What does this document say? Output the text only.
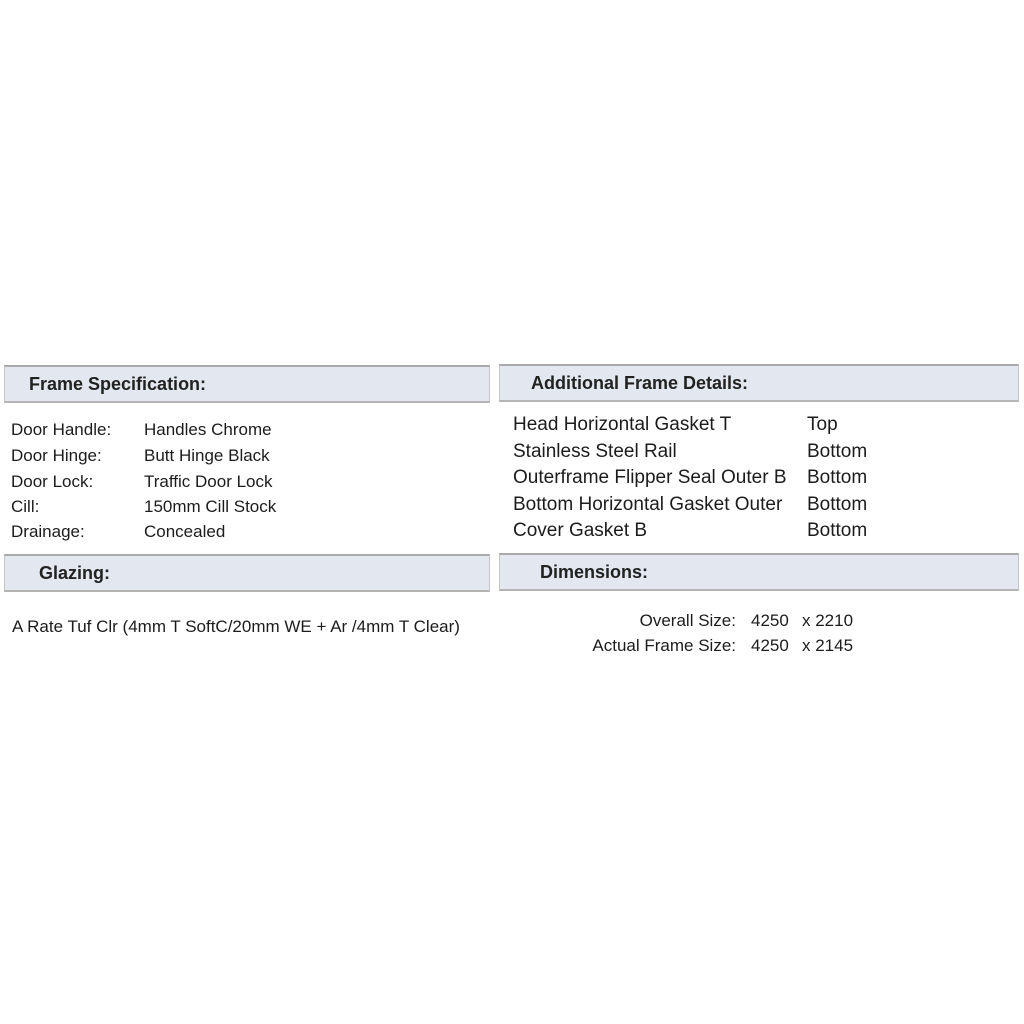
Frame Specification:	Additional Frame Details:
Door Handle: Handles Chrome
Door Hinge: Butt Hinge Black
Door Lock:	Traffic Door Lock
Cill:	150mm Cill Stock
Drainage:	Concealed
Head Horizontal Gasket T	Top
Stainless Steel Rail	Bottom
Outerframe Flipper Seal Outer B	Bottom
Bottom Horizontal Gasket Outer	Bottom
Cover Gasket B	Bottom
Glazing:	Dimensions:
A Rate Tuf Clr (4mm T SoftC/20mm WE + Ar /4mm T Clear)	Overall Size: 4250 x 2210
Actual Frame Size: 4250 x 2145
